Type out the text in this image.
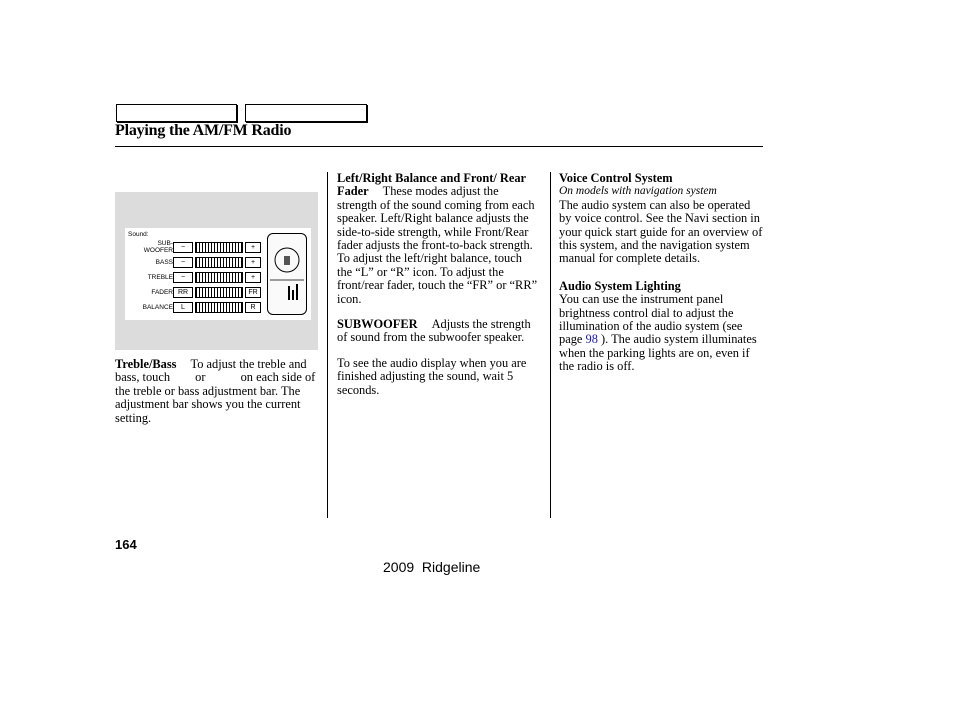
Playing the AM/FM Radio
Sound:
SUB-
WOOFER	−	+
BASS	−	+
TREBLE	−	+
FADER RR	FR
BALANCE	L	R

Treble/Bass To adjust the treble and bass, touch or	on each side of the treble or bass adjustment bar. The adjustment bar shows you the current setting.

Left/Right Balance and Front/ Rear Fader These modes adjust the strength of the sound coming from each speaker. Left/Right balance adjusts the side-to-side strength, while Front/Rear fader adjusts the front-to-back strength. To adjust the left/right balance, touch the “L” or “R” icon. To adjust the front/rear fader, touch the “FR” or “RR” icon.

SUBWOOFER Adjusts the strength of sound from the subwoofer speaker.

To see the audio display when you are finished adjusting the sound, wait 5 seconds.

Voice Control System

On models with navigation system

The audio system can also be operated by voice control. See the Navi section in your quick start guide for an overview of this system, and the navigation system manual for complete details.

Audio System Lighting

You can use the instrument panel brightness control dial to adjust the illumination of the audio system (see page 98 ). The audio system illuminates when the parking lights are on, even if the radio is off.

164
2009  Ridgeline
